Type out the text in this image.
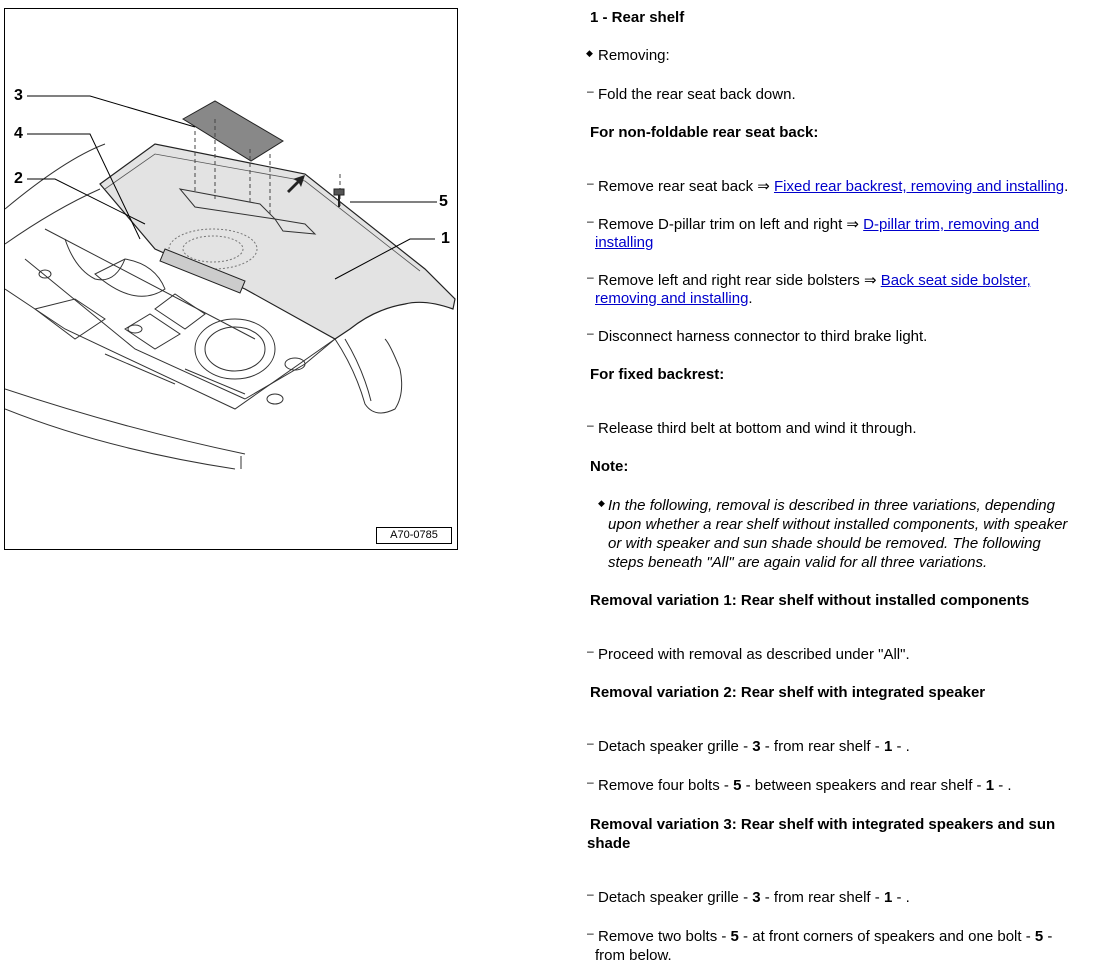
3
4
2
5
1
A70-0785
1 - Rear shelf
◆ Removing:
– Fold the rear seat back down.
For non-foldable rear seat back:
– Remove rear seat back ⇒ Fixed rear backrest, removing and installing.
– Remove D-pillar trim on left and right ⇒ D-pillar trim, removing and
installing
– Remove left and right rear side bolsters ⇒ Back seat side bolster,
removing and installing.
– Disconnect harness connector to third brake light.
For fixed backrest:
– Release third belt at bottom and wind it through.
Note:
◆ In the following, removal is described in three variations, depending
upon whether a rear shelf without installed components, with speaker
or with speaker and sun shade should be removed. The following
steps beneath "All" are again valid for all three variations.
Removal variation 1: Rear shelf without installed components
– Proceed with removal as described under "All".
Removal variation 2: Rear shelf with integrated speaker
– Detach speaker grille - 3 - from rear shelf - 1 - .
– Remove four bolts - 5 - between speakers and rear shelf - 1 - .
Removal variation 3: Rear shelf with integrated speakers and sun
shade
– Detach speaker grille - 3 - from rear shelf - 1 - .
– Remove two bolts - 5 - at front corners of speakers and one bolt - 5 -
from below.
